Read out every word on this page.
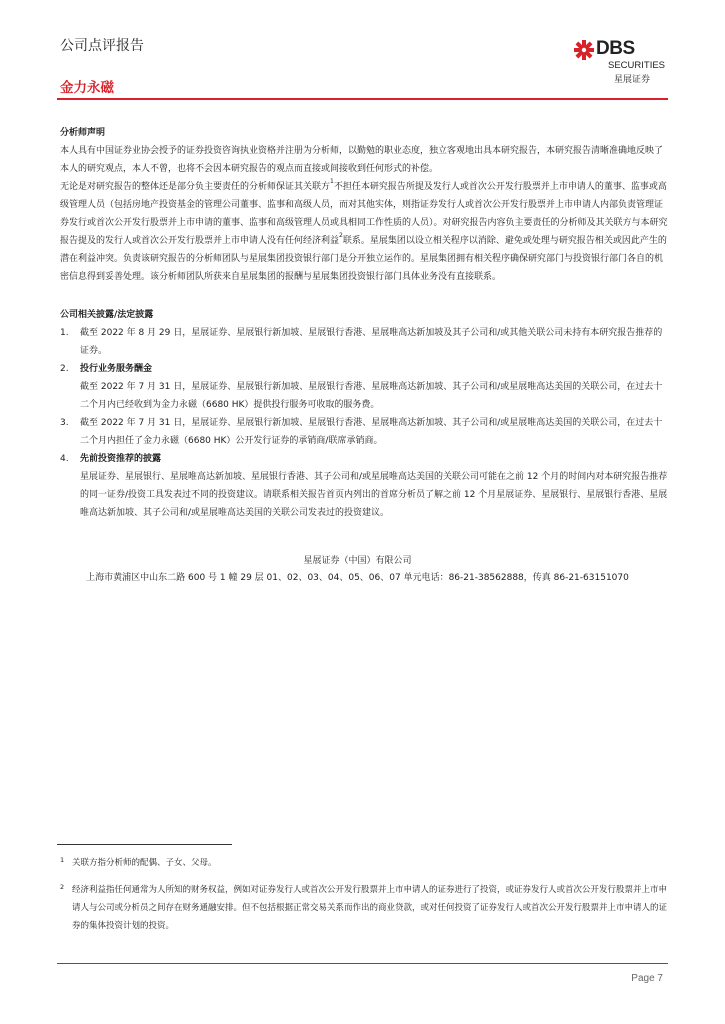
公司点评报告	DBS
SECURITIES
星展证券
金力永磁

分析师声明

本人具有中国证券业协会授予的证券投资咨询执业资格并注册为分析师，以勤勉的职业态度，独立客观地出具本研究报告，本研究报告清晰准确地反映了本人的研究观点，本人不曾，也将不会因本研究报告的观点而直接或间接收到任何形式的补偿。

无论是对研究报告的整体还是部分负主要责任的分析师保证其关联方$^1$不担任本研究报告所提及发行人或首次公开发行股票并上市申请人的董事、监事或高级管理人员（包括房地产投资基金的管理公司董事、监事和高级人员，而对其他实体，则指证券发行人或首次公开发行股票并上市申请人内部负责管理证券发行或首次公开发行股票并上市申请的董事、监事和高级管理人员或具相同工作性质的人员）。对研究报告内容负主要责任的分析师及其关联方与本研究报告提及的发行人或首次公开发行股票并上市申请人没有任何经济利益$^2$联系。星展集团以设立相关程序以消除、避免或处理与研究报告相关或因此产生的潜在利益冲突。负责该研究报告的分析师团队与星展集团投资银行部门是分开独立运作的。星展集团拥有相关程序确保研究部门与投资银行部门各自的机密信息得到妥善处理。该分析师团队所获来自星展集团的报酬与星展集团投资银行部门具体业务没有直接联系。

公司相关披露/法定披露

1. 截至 2022 年 8 月 29 日，星展证券、星展银行新加坡、星展银行香港、星展唯高达新加坡及其子公司和/或其他关联公司未持有本研究报告推荐的证券。
2. 投行业务服务酬金
截至 2022 年 7 月 31 日，星展证券、星展银行新加坡、星展银行香港、星展唯高达新加坡、其子公司和/或星展唯高达美国的关联公司，在过去十二个月内已经收到为金力永磁（6680 HK）提供投行服务可收取的服务费。
3. 截至 2022 年 7 月 31 日，星展证券、星展银行新加坡、星展银行香港、星展唯高达新加坡、其子公司和/或星展唯高达美国的关联公司，在过去十二个月内担任了金力永磁（6680 HK）公开发行证券的承销商/联席承销商。
4. 先前投资推荐的披露
星展证券、星展银行、星展唯高达新加坡、星展银行香港、其子公司和/或星展唯高达美国的关联公司可能在之前 12 个月的时间内对本研究报告推荐的同一证券/投资工具发表过不同的投资建议。请联系相关报告首页内列出的首席分析员了解之前 12 个月星展证券、星展银行、星展银行香港、星展唯高达新加坡、其子公司和/或星展唯高达美国的关联公司发表过的投资建议。
星展证券（中国）有限公司
上海市黄浦区中山东二路 600 号 1 幢 29 层 01、02、03、04、05、06、07 单元电话：86-21-38562888，传真 86-21-63151070
1 关联方指分析师的配偶、子女、父母。
2 经济利益指任何通常为人所知的财务权益，例如对证券发行人或首次公开发行股票并上市申请人的证券进行了投资，或证券发行人或首次公开发行股票并上市申请人与公司或分析员之间存在财务通融安排。但不包括根据正常交易关系而作出的商业贷款，或对任何投资了证券发行人或首次公开发行股票并上市申请人的证券的集体投资计划的投资。
Page 7
